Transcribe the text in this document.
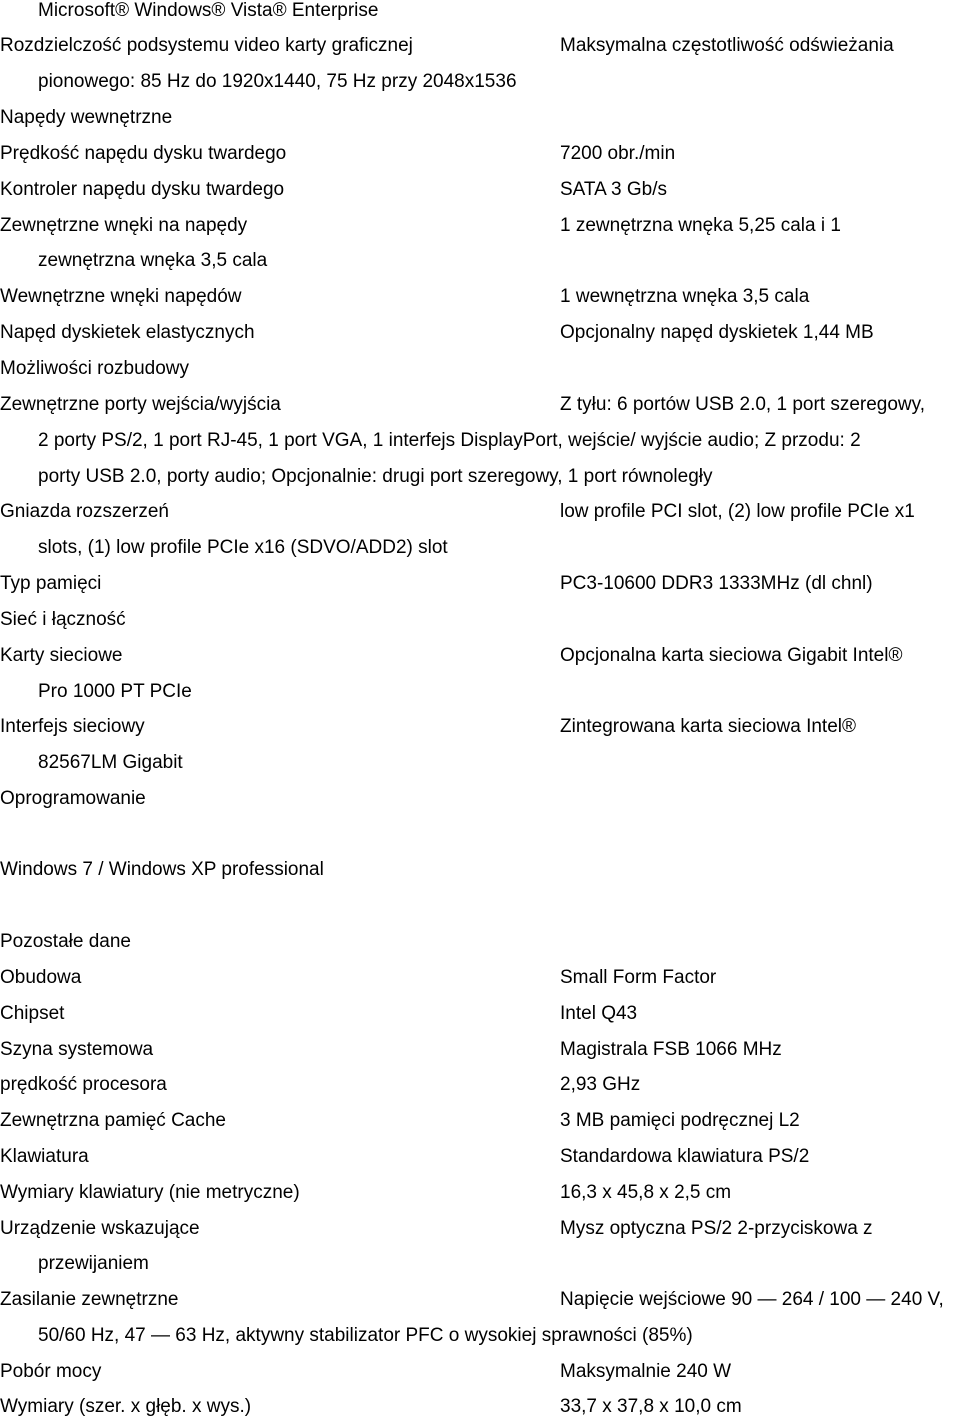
Microsoft® Windows® Vista® Enterprise
Rozdzielczość podsystemu video karty graficznej	Maksymalna częstotliwość odświeżania
pionowego: 85 Hz do 1920x1440, 75 Hz przy 2048x1536
Napędy wewnętrzne
Prędkość napędu dysku twardego	7200 obr./min
Kontroler napędu dysku twardego	SATA 3 Gb/s
Zewnętrzne wnęki na napędy	1 zewnętrzna wnęka 5,25 cala i 1
zewnętrzna wnęka 3,5 cala
Wewnętrzne wnęki napędów	1 wewnętrzna wnęka 3,5 cala
Napęd dyskietek elastycznych	Opcjonalny napęd dyskietek 1,44 MB
Możliwości rozbudowy
Zewnętrzne porty wejścia/wyjścia	Z tyłu: 6 portów USB 2.0, 1 port szeregowy,
2 porty PS/2, 1 port RJ-45, 1 port VGA, 1 interfejs DisplayPort, wejście/ wyjście audio; Z przodu: 2
porty USB 2.0, porty audio; Opcjonalnie: drugi port szeregowy, 1 port równoległy
Gniazda rozszerzeń	low profile PCI slot, (2) low profile PCIe x1
slots, (1) low profile PCIe x16 (SDVO/ADD2) slot
Typ pamięci	PC3-10600 DDR3 1333MHz (dl chnl)
Sieć i łączność
Karty sieciowe	Opcjonalna karta sieciowa Gigabit Intel®
Pro 1000 PT PCIe
Interfejs sieciowy	Zintegrowana karta sieciowa Intel®
82567LM Gigabit
Oprogramowanie
Windows 7 / Windows XP professional
Pozostałe dane
Obudowa	Small Form Factor
Chipset	Intel Q43
Szyna systemowa	Magistrala FSB 1066 MHz
prędkość procesora	2,93 GHz
Zewnętrzna pamięć Cache	3 MB pamięci podręcznej L2
Klawiatura	Standardowa klawiatura PS/2
Wymiary klawiatury (nie metryczne)	16,3 x 45,8 x 2,5 cm
Urządzenie wskazujące	Mysz optyczna PS/2 2-przyciskowa z
przewijaniem
Zasilanie zewnętrzne	Napięcie wejściowe 90 — 264 / 100 — 240 V,
50/60 Hz, 47 — 63 Hz, aktywny stabilizator PFC o wysokiej sprawności (85%)
Pobór mocy	Maksymalnie 240 W
Wymiary (szer. x głęb. x wys.)	33,7 x 37,8 x 10,0 cm
